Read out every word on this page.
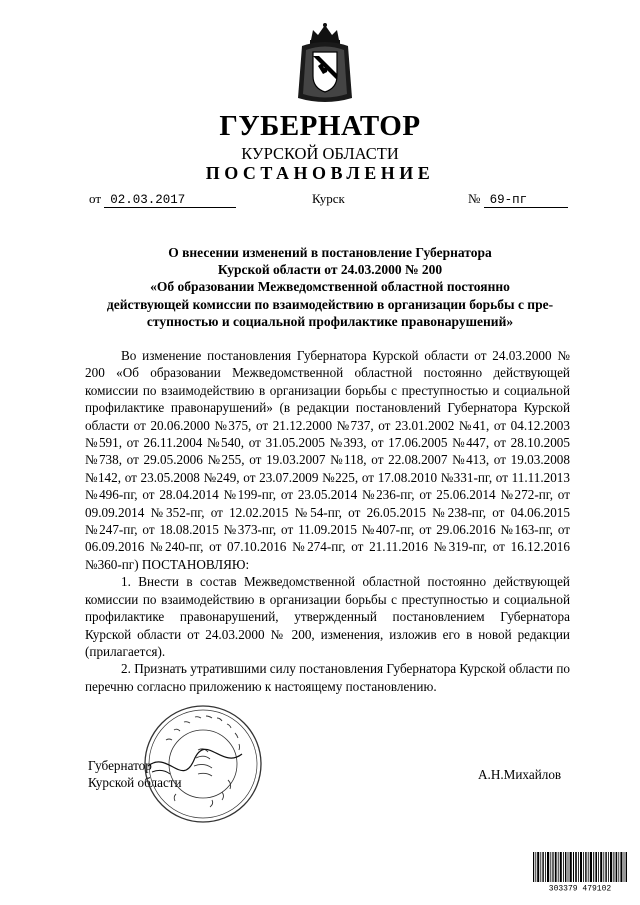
ГУБЕРНАТОР
КУРСКОЙ ОБЛАСТИ
ПОСТАНОВЛЕНИЕ
от 02.03.2017	Курск	№ 69-пг
О внесении изменений в постановление Губернатора
Курской области от 24.03.2000 № 200
«Об образовании Межведомственной областной постоянно
действующей комиссии по взаимодействию в организации борьбы с пре-
ступностью и социальной профилактике правонарушений»

Во изменение постановления Губернатора Курской области от 24.03.2000 № 200 «Об образовании Межведомственной областной постоянно действующей комиссии по взаимодействию в организации борьбы с преступностью и социальной профилактике правонарушений» (в редакции постановлений Губернатора Курской области от 20.06.2000 №375, от 21.12.2000 №737, от 23.01.2002 №41, от 04.12.2003 №591, от 26.11.2004 №540, от 31.05.2005 №393, от 17.06.2005 №447, от 28.10.2005 №738, от 29.05.2006 №255, от 19.03.2007 №118, от 22.08.2007 №413, от 19.03.2008 №142, от 23.05.2008 №249, от 23.07.2009 №225, от 17.08.2010 №331-пг, от 11.11.2013 №496-пг, от 28.04.2014 №199-пг, от 23.05.2014 №236-пг, от 25.06.2014 №272-пг, от 09.09.2014 №352-пг, от 12.02.2015 №54-пг, от 26.05.2015 №238-пг, от 04.06.2015 №247-пг, от 18.08.2015 №373-пг, от 11.09.2015 №407-пг, от 29.06.2016 №163-пг, от 06.09.2016 №240-пг, от 07.10.2016 №274-пг, от 21.11.2016 №319-пг, от 16.12.2016 №360-пг) ПОСТАНОВЛЯЮ:

1. Внести в состав Межведомственной областной постоянно действующей комиссии по взаимодействию в организации борьбы с преступностью и социальной профилактике правонарушений, утвержденный постановлением Губернатора Курской области от 24.03.2000 № 200, изменения, изложив его в новой редакции (прилагается).

2. Признать утратившими силу постановления Губернатора Курской области по перечню согласно приложению к настоящему постановлению.

Губернатор
Курской области
А.Н.Михайлов
303379 479102
